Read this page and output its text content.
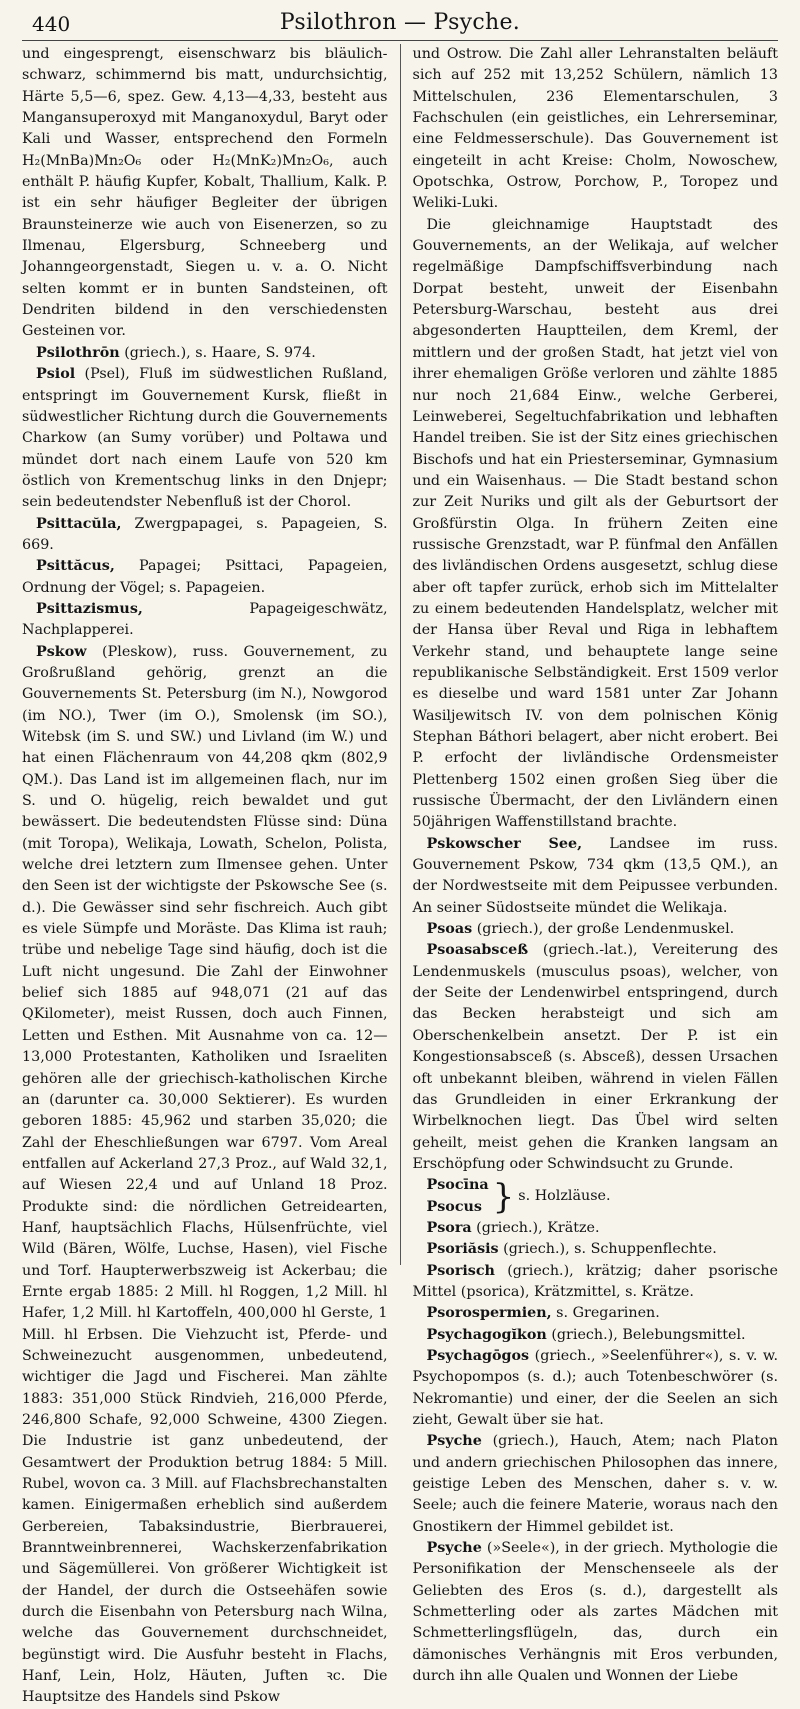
440	Psilothron — Psyche.

und eingesprengt, eisenschwarz bis bläulich-schwarz, schimmernd bis matt, undurchsichtig, Härte 5,5—6, spez. Gew. 4,13—4,33, besteht aus Mangansuperoxyd mit Manganoxydul, Baryt oder Kali und Wasser, entsprechend den Formeln H₂(MnBa)Mn₂O₆ oder H₂(MnK₂)Mn₂O₆, auch enthält P. häufig Kupfer, Kobalt, Thallium, Kalk. P. ist ein sehr häufiger Begleiter der übrigen Braunsteinerze wie auch von Eisenerzen, so zu Ilmenau, Elgersburg, Schneeberg und Johanngeorgenstadt, Siegen u. v. a. O. Nicht selten kommt er in bunten Sandsteinen, oft Dendriten bildend in den verschiedensten Gesteinen vor.

Psilothrōn (griech.), s. Haare, S. 974.

Psiol (Psel), Fluß im südwestlichen Rußland, entspringt im Gouvernement Kursk, fließt in südwestlicher Richtung durch die Gouvernements Charkow (an Sumy vorüber) und Poltawa und mündet dort nach einem Laufe von 520 km östlich von Krementschug links in den Dnjepr; sein bedeutendster Nebenfluß ist der Chorol.

Psittacŭla, Zwergpapagei, s. Papageien, S. 669.

Psittăcus, Papagei; Psittaci, Papageien, Ordnung der Vögel; s. Papageien.

Psittazismus, Papageigeschwätz, Nachplapperei.

Pskow (Pleskow), russ. Gouvernement, zu Großrußland gehörig, grenzt an die Gouvernements St. Petersburg (im N.), Nowgorod (im NO.), Twer (im O.), Smolensk (im SO.), Witebsk (im S. und SW.) und Livland (im W.) und hat einen Flächenraum von 44,208 qkm (802,9 QM.). Das Land ist im allgemeinen flach, nur im S. und O. hügelig, reich bewaldet und gut bewässert. Die bedeutendsten Flüsse sind: Düna (mit Toropa), Welikaja, Lowath, Schelon, Polista, welche drei letztern zum Ilmensee gehen. Unter den Seen ist der wichtigste der Pskowsche See (s. d.). Die Gewässer sind sehr fischreich. Auch gibt es viele Sümpfe und Moräste. Das Klima ist rauh; trübe und nebelige Tage sind häufig, doch ist die Luft nicht ungesund. Die Zahl der Einwohner belief sich 1885 auf 948,071 (21 auf das QKilometer), meist Russen, doch auch Finnen, Letten und Esthen. Mit Ausnahme von ca. 12—13,000 Protestanten, Katholiken und Israeliten gehören alle der griechisch-katholischen Kirche an (darunter ca. 30,000 Sektierer). Es wurden geboren 1885: 45,962 und starben 35,020; die Zahl der Eheschließungen war 6797. Vom Areal entfallen auf Ackerland 27,3 Proz., auf Wald 32,1, auf Wiesen 22,4 und auf Unland 18 Proz. Produkte sind: die nördlichen Getreidearten, Hanf, hauptsächlich Flachs, Hülsenfrüchte, viel Wild (Bären, Wölfe, Luchse, Hasen), viel Fische und Torf. Haupterwerbszweig ist Ackerbau; die Ernte ergab 1885: 2 Mill. hl Roggen, 1,2 Mill. hl Hafer, 1,2 Mill. hl Kartoffeln, 400,000 hl Gerste, 1 Mill. hl Erbsen. Die Viehzucht ist, Pferde- und Schweinezucht ausgenommen, unbedeutend, wichtiger die Jagd und Fischerei. Man zählte 1883: 351,000 Stück Rindvieh, 216,000 Pferde, 246,800 Schafe, 92,000 Schweine, 4300 Ziegen. Die Industrie ist ganz unbedeutend, der Gesamtwert der Produktion betrug 1884: 5 Mill. Rubel, wovon ca. 3 Mill. auf Flachsbrechanstalten kamen. Einigermaßen erheblich sind außerdem Gerbereien, Tabaksindustrie, Bierbrauerei, Branntweinbrennerei, Wachskerzenfabrikation und Sägemüllerei. Von größerer Wichtigkeit ist der Handel, der durch die Ostseehäfen sowie durch die Eisenbahn von Petersburg nach Wilna, welche das Gouvernement durchschneidet, begünstigt wird. Die Ausfuhr besteht in Flachs, Hanf, Lein, Holz, Häuten, Juften ꝛc. Die Hauptsitze des Handels sind Pskow

und Ostrow. Die Zahl aller Lehranstalten beläuft sich auf 252 mit 13,252 Schülern, nämlich 13 Mittelschulen, 236 Elementarschulen, 3 Fachschulen (ein geistliches, ein Lehrerseminar, eine Feldmesserschule). Das Gouvernement ist eingeteilt in acht Kreise: Cholm, Nowoschew, Opotschka, Ostrow, Porchow, P., Toropez und Weliki-Luki.

Die gleichnamige Hauptstadt des Gouvernements, an der Welikaja, auf welcher regelmäßige Dampfschiffsverbindung nach Dorpat besteht, unweit der Eisenbahn Petersburg-Warschau, besteht aus drei abgesonderten Hauptteilen, dem Kreml, der mittlern und der großen Stadt, hat jetzt viel von ihrer ehemaligen Größe verloren und zählte 1885 nur noch 21,684 Einw., welche Gerberei, Leinweberei, Segeltuchfabrikation und lebhaften Handel treiben. Sie ist der Sitz eines griechischen Bischofs und hat ein Priesterseminar, Gymnasium und ein Waisenhaus. — Die Stadt bestand schon zur Zeit Nuriks und gilt als der Geburtsort der Großfürstin Olga. In frühern Zeiten eine russische Grenzstadt, war P. fünfmal den Anfällen des livländischen Ordens ausgesetzt, schlug diese aber oft tapfer zurück, erhob sich im Mittelalter zu einem bedeutenden Handelsplatz, welcher mit der Hansa über Reval und Riga in lebhaftem Verkehr stand, und behauptete lange seine republikanische Selbständigkeit. Erst 1509 verlor es dieselbe und ward 1581 unter Zar Johann Wasiljewitsch IV. von dem polnischen König Stephan Báthori belagert, aber nicht erobert. Bei P. erfocht der livländische Ordensmeister Plettenberg 1502 einen großen Sieg über die russische Übermacht, der den Livländern einen 50jährigen Waffenstillstand brachte.

Pskowscher See, Landsee im russ. Gouvernement Pskow, 734 qkm (13,5 QM.), an der Nordwestseite mit dem Peipussee verbunden. An seiner Südostseite mündet die Welikaja.

Psoas (griech.), der große Lendenmuskel.

Psoasabsceß (griech.-lat.), Vereiterung des Lendenmuskels (musculus psoas), welcher, von der Seite der Lendenwirbel entspringend, durch das Becken herabsteigt und sich am Oberschenkelbein ansetzt. Der P. ist ein Kongestionsabsceß (s. Absceß), dessen Ursachen oft unbekannt bleiben, während in vielen Fällen das Grundleiden in einer Erkrankung der Wirbelknochen liegt. Das Übel wird selten geheilt, meist gehen die Kranken langsam an Erschöpfung oder Schwindsucht zu Grunde.

Psocīna
Psocus } s. Holzläuse.

Psora (griech.), Krätze.

Psoriăsis (griech.), s. Schuppenflechte.

Psorisch (griech.), krätzig; daher psorische Mittel (psorica), Krätzmittel, s. Krätze.

Psorospermien, s. Gregarinen.

Psychagogĭkon (griech.), Belebungsmittel.

Psychagōgos (griech., »Seelenführer«), s. v. w. Psychopompos (s. d.); auch Totenbeschwörer (s. Nekromantie) und einer, der die Seelen an sich zieht, Gewalt über sie hat.

Psyche (griech.), Hauch, Atem; nach Platon und andern griechischen Philosophen das innere, geistige Leben des Menschen, daher s. v. w. Seele; auch die feinere Materie, woraus nach den Gnostikern der Himmel gebildet ist.

Psyche (»Seele«), in der griech. Mythologie die Personifikation der Menschenseele als der Geliebten des Eros (s. d.), dargestellt als Schmetterling oder als zartes Mädchen mit Schmetterlingsflügeln, das, durch ein dämonisches Verhängnis mit Eros verbunden, durch ihn alle Qualen und Wonnen der Liebe
